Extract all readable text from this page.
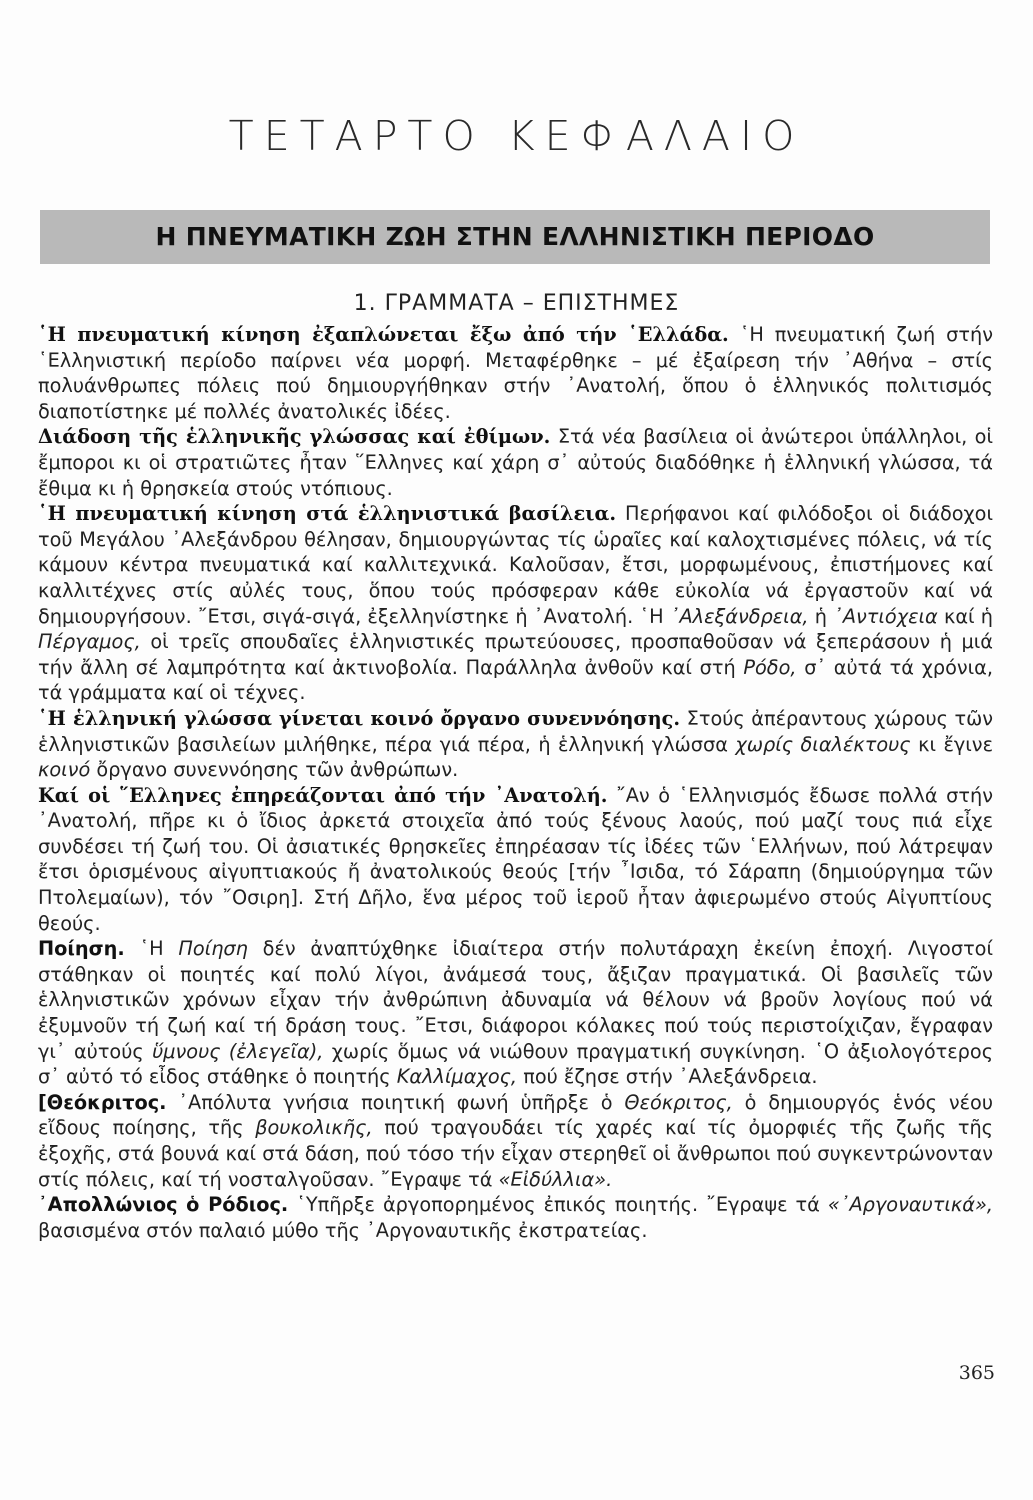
ΤΕΤΑΡΤΟ ΚΕΦΑΛΑΙΟ
Η ΠΝΕΥΜΑΤΙΚΗ ΖΩΗ ΣΤΗΝ ΕΛΛΗΝΙΣΤΙΚΗ ΠΕΡΙΟΔΟ
1. ΓΡΑΜΜΑΤΑ – ΕΠΙΣΤΗΜΕΣ

῾Η πνευματική κίνηση ἐξαπλώνεται ἔξω ἀπό τήν ῾Ελλάδα. ῾Η πνευματική ζωή στήν ῾Ελληνιστική περίοδο παίρνει νέα μορφή. Μεταφέρθηκε – μέ ἐξαίρεση τήν ᾿Αθήνα – στίς πολυάνθρωπες πόλεις πού δημιουργήθηκαν στήν ᾿Ανατολή, ὅπου ὁ ἑλληνικός πολιτισμός διαποτίστηκε μέ πολλές ἀνατολικές ἰδέες.

Διάδοση τῆς ἑλληνικῆς γλώσσας καί ἐθίμων. Στά νέα βασίλεια οἱ ἀνώτεροι ὑπάλληλοι, οἱ ἔμποροι κι οἱ στρατιῶτες ἦταν ῞Ελληνες καί χάρη σ᾿ αὐτούς διαδόθηκε ἡ ἑλληνική γλώσσα, τά ἔθιμα κι ἡ θρησκεία στούς ντόπιους.

῾Η πνευματική κίνηση στά ἑλληνιστικά βασίλεια. Περήφανοι καί φιλόδοξοι οἱ διάδοχοι τοῦ Μεγάλου ᾿Αλεξάνδρου θέλησαν, δημιουργώντας τίς ὡραῖες καί καλοχτισμένες πόλεις, νά τίς κάμουν κέντρα πνευματικά καί καλλιτεχνικά. Καλοῦσαν, ἔτσι, μορφωμένους, ἐπιστήμονες καί καλλιτέχνες στίς αὐλές τους, ὅπου τούς πρόσφεραν κάθε εὐκολία νά ἐργαστοῦν καί νά δημιουργήσουν. ῎Ετσι, σιγά-σιγά, ἐξελληνίστηκε ἡ ᾿Ανατολή. ῾Η ᾿Αλεξάνδρεια, ἡ ᾿Αντιόχεια καί ἡ Πέργαμος, οἱ τρεῖς σπουδαῖες ἑλληνιστικές πρωτεύουσες, προσπαθοῦσαν νά ξεπεράσουν ἡ μιά τήν ἄλλη σέ λαμπρότητα καί ἀκτινοβολία. Παράλληλα ἀνθοῦν καί στή Ρόδο, σ᾿ αὐτά τά χρόνια, τά γράμματα καί οἱ τέχνες.

῾Η ἑλληνική γλώσσα γίνεται κοινό ὄργανο συνεννόησης. Στούς ἀπέραντους χώρους τῶν ἑλληνιστικῶν βασιλείων μιλήθηκε, πέρα γιά πέρα, ἡ ἑλληνική γλώσσα χωρίς διαλέκτους κι ἔγινε κοινό ὄργανο συνεννόησης τῶν ἀνθρώπων.

Καί οἱ ῞Ελληνες ἐπηρεάζονται ἀπό τήν ᾿Ανατολή. ῎Αν ὁ ῾Ελληνισμός ἔδωσε πολλά στήν ᾿Ανατολή, πῆρε κι ὁ ἴδιος ἀρκετά στοιχεῖα ἀπό τούς ξένους λαούς, πού μαζί τους πιά εἶχε συνδέσει τή ζωή του. Οἱ ἀσιατικές θρησκεῖες ἐπηρέασαν τίς ἰδέες τῶν ῾Ελλήνων, πού λάτρεψαν ἔτσι ὁρισμένους αἰγυπτιακούς ἤ ἀνατολικούς θεούς [τήν ῏Ισιδα, τό Σάραπη (δημιούργημα τῶν Πτολεμαίων), τόν ῎Οσιρη]. Στή Δῆλο, ἕνα μέρος τοῦ ἱεροῦ ἦταν ἀφιερωμένο στούς Αἰγυπτίους θεούς.

Ποίηση. ῾Η Ποίηση δέν ἀναπτύχθηκε ἰδιαίτερα στήν πολυτάραχη ἐκείνη ἐποχή. Λιγοστοί στάθηκαν οἱ ποιητές καί πολύ λίγοι, ἀνάμεσά τους, ἄξιζαν πραγματικά. Οἱ βασιλεῖς τῶν ἑλληνιστικῶν χρόνων εἶχαν τήν ἀνθρώπινη ἀδυναμία νά θέλουν νά βροῦν λογίους πού νά ἐξυμνοῦν τή ζωή καί τή δράση τους. ῎Ετσι, διάφοροι κόλακες πού τούς περιστοίχιζαν, ἔγραφαν γι᾿ αὐτούς ὕμνους (ἐλεγεῖα), χωρίς ὅμως νά νιώθουν πραγματική συγκίνηση. ῾Ο ἀξιολογότερος σ᾿ αὐτό τό εἶδος στάθηκε ὁ ποιητής Καλλίμαχος, πού ἔζησε στήν ᾿Αλεξάνδρεια.

[Θεόκριτος. ᾿Απόλυτα γνήσια ποιητική φωνή ὑπῆρξε ὁ Θεόκριτος, ὁ δημιουργός ἑνός νέου εἴδους ποίησης, τῆς βουκολικῆς, πού τραγουδάει τίς χαρές καί τίς ὀμορφιές τῆς ζωῆς τῆς ἐξοχῆς, στά βουνά καί στά δάση, πού τόσο τήν εἶχαν στερηθεῖ οἱ ἄνθρωποι πού συγκεντρώνονταν στίς πόλεις, καί τή νοσταλγοῦσαν. ῎Εγραψε τά «Εἰδύλλια».

᾿Απολλώνιος ὁ Ρόδιος. ῾Υπῆρξε ἀργοπορημένος ἐπικός ποιητής. ῎Εγραψε τά «᾿Αργοναυτικά», βασισμένα στόν παλαιό μύθο τῆς ᾿Αργοναυτικῆς ἐκστρατείας.

365
